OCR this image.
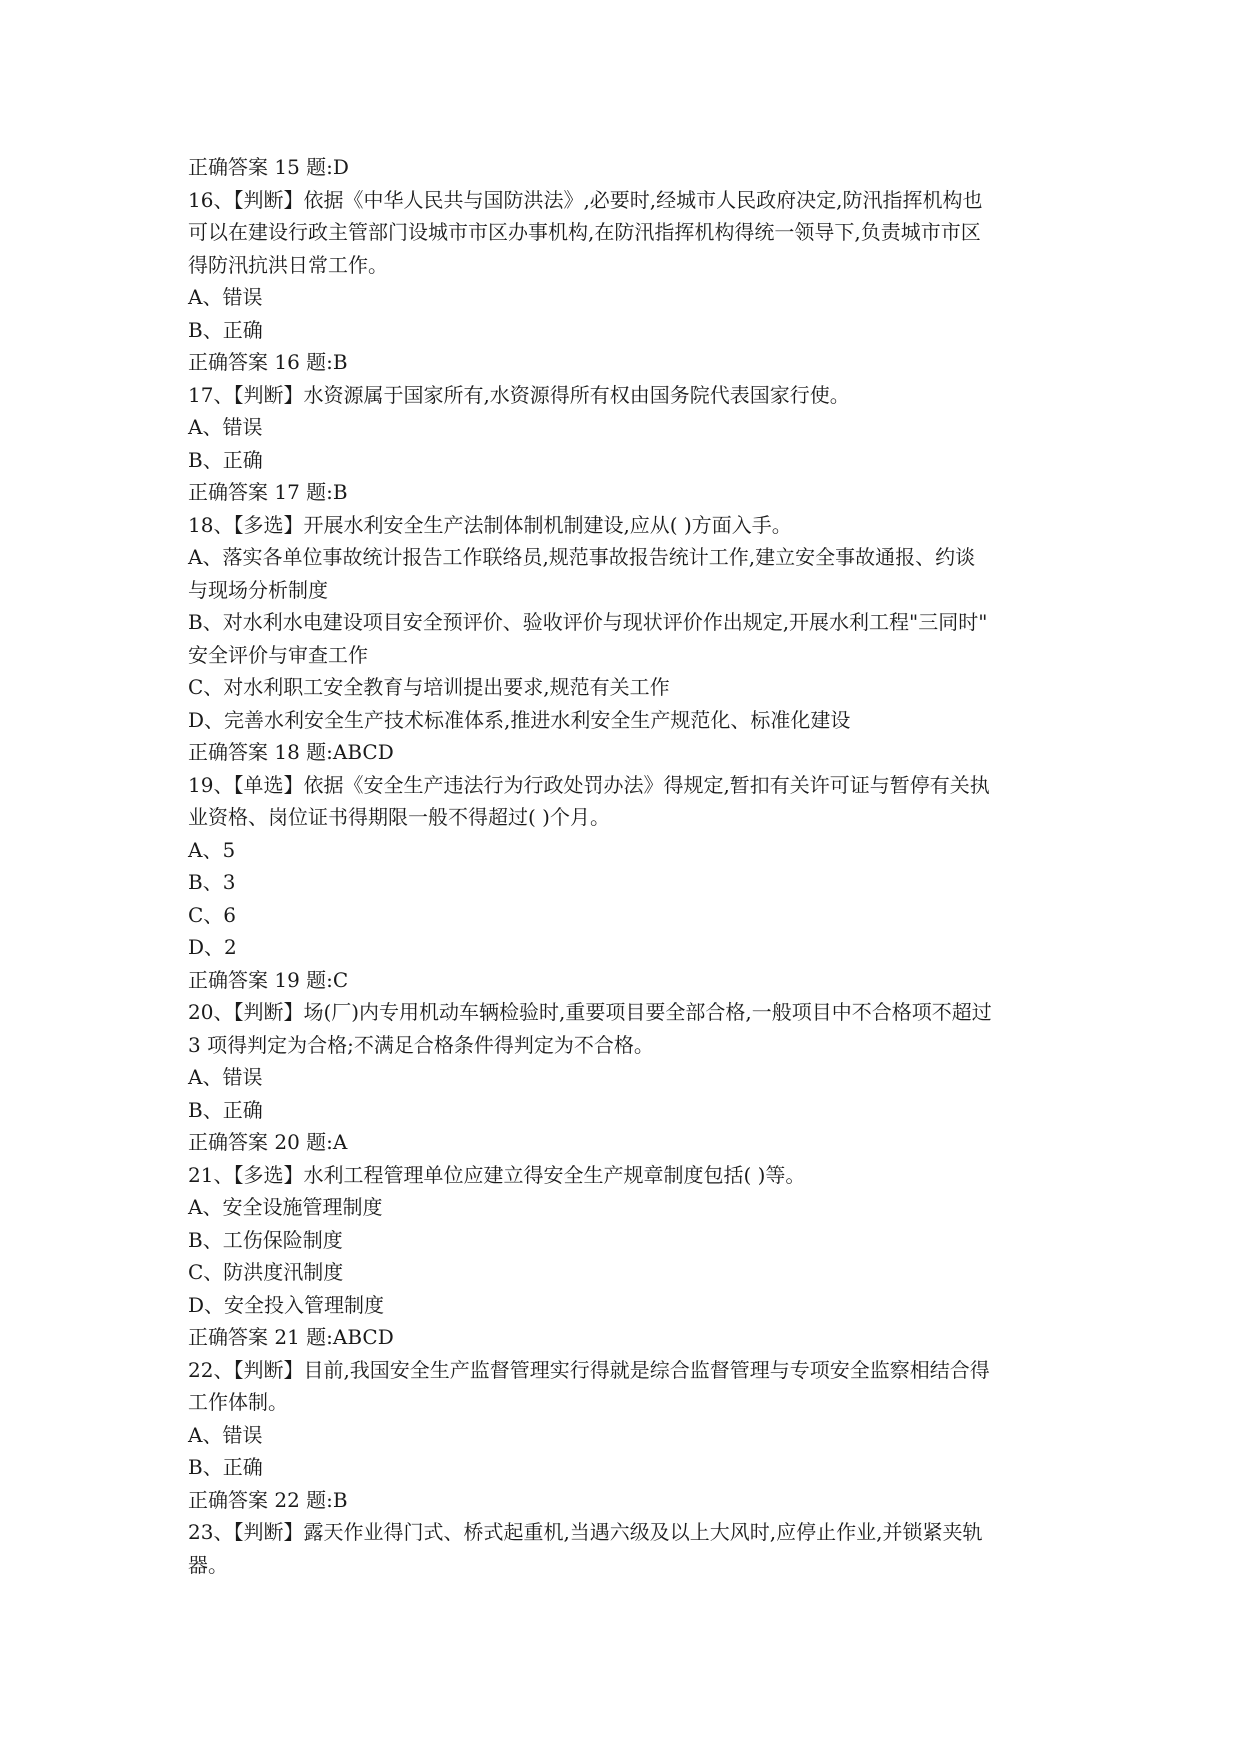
正确答案 15 题:D

16、【判断】依据《中华人民共与国防洪法》,必要时,经城市人民政府决定,防汛指挥机构也

可以在建设行政主管部门设城市市区办事机构,在防汛指挥机构得统一领导下,负责城市市区

得防汛抗洪日常工作。

A、错误

B、正确

正确答案 16 题:B

17、【判断】水资源属于国家所有,水资源得所有权由国务院代表国家行使。

A、错误

B、正确

正确答案 17 题:B

18、【多选】开展水利安全生产法制体制机制建设,应从( )方面入手。

A、落实各单位事故统计报告工作联络员,规范事故报告统计工作,建立安全事故通报、约谈

与现场分析制度

B、对水利水电建设项目安全预评价、验收评价与现状评价作出规定,开展水利工程"三同时"

安全评价与审查工作

C、对水利职工安全教育与培训提出要求,规范有关工作

D、完善水利安全生产技术标准体系,推进水利安全生产规范化、标准化建设

正确答案 18 题:ABCD

19、【单选】依据《安全生产违法行为行政处罚办法》得规定,暂扣有关许可证与暂停有关执

业资格、岗位证书得期限一般不得超过( )个月。

A、5

B、3

C、6

D、2

正确答案 19 题:C

20、【判断】场(厂)内专用机动车辆检验时,重要项目要全部合格,一般项目中不合格项不超过

3 项得判定为合格;不满足合格条件得判定为不合格。

A、错误

B、正确

正确答案 20 题:A

21、【多选】水利工程管理单位应建立得安全生产规章制度包括( )等。

A、安全设施管理制度

B、工伤保险制度

C、防洪度汛制度

D、安全投入管理制度

正确答案 21 题:ABCD

22、【判断】目前,我国安全生产监督管理实行得就是综合监督管理与专项安全监察相结合得

工作体制。

A、错误

B、正确

正确答案 22 题:B

23、【判断】露天作业得门式、桥式起重机,当遇六级及以上大风时,应停止作业,并锁紧夹轨

器。
